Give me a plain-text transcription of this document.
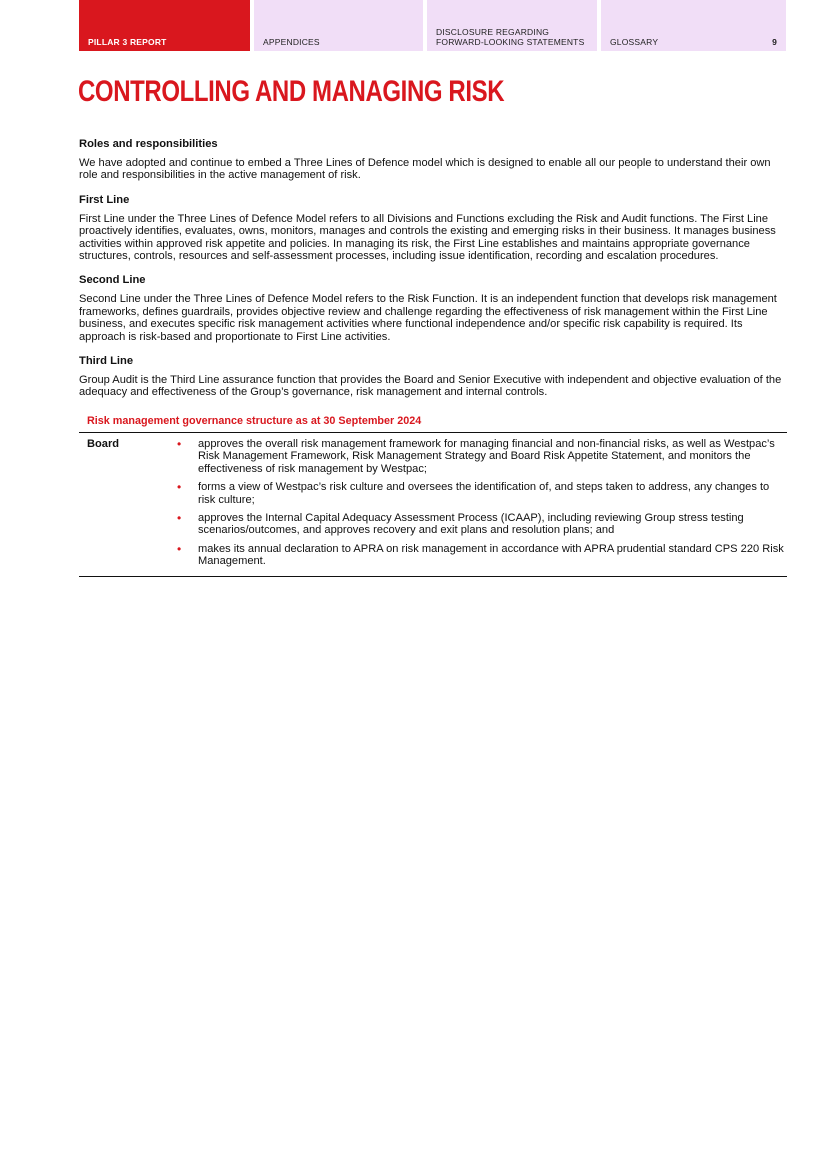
PILLAR 3 REPORT	APPENDICES
DISCLOSURE REGARDING FORWARD-LOOKING STATEMENTS	GLOSSARY	9
CONTROLLING AND MANAGING RISK
Roles and responsibilities

We have adopted and continue to embed a Three Lines of Defence model which is designed to enable all our people to understand their own role and responsibilities in the active management of risk.

First Line

First Line under the Three Lines of Defence Model refers to all Divisions and Functions excluding the Risk and Audit functions. The First Line proactively identifies, evaluates, owns, monitors, manages and controls the existing and emerging risks in their business. It manages business activities within approved risk appetite and policies. In managing its risk, the First Line establishes and maintains appropriate governance structures, controls, resources and self-assessment processes, including issue identification, recording and escalation procedures.

Second Line

Second Line under the Three Lines of Defence Model refers to the Risk Function. It is an independent function that develops risk management frameworks, defines guardrails, provides objective review and challenge regarding the effectiveness of risk management within the First Line business, and executes specific risk management activities where functional independence and/or specific risk capability is required. Its approach is risk-based and proportionate to First Line activities.

Third Line

Group Audit is the Third Line assurance function that provides the Board and Senior Executive with independent and objective evaluation of the adequacy and effectiveness of the Group’s governance, risk management and internal controls.

Risk management governance structure as at 30 September 2024
Board	• approves the overall risk management framework for managing financial and non-financial risks, as well as Westpac’s Risk Management Framework, Risk Management Strategy and Board Risk Appetite Statement, and monitors the effectiveness of risk management by Westpac;
• forms a view of Westpac’s risk culture and oversees the identification of, and steps taken to address, any changes to risk culture;
• approves the Internal Capital Adequacy Assessment Process (ICAAP), including reviewing Group stress testing scenarios/outcomes, and approves recovery and exit plans and resolution plans; and
• makes its annual declaration to APRA on risk management in accordance with APRA prudential standard CPS 220 Risk Management.
